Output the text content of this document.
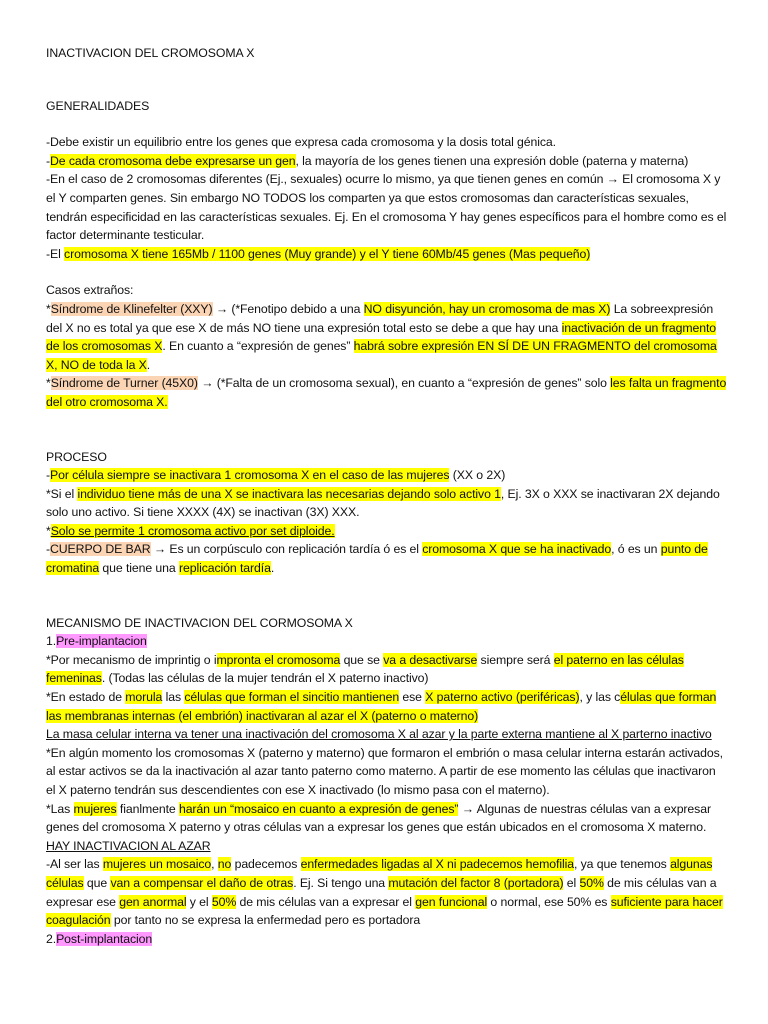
INACTIVACION DEL CROMOSOMA X

GENERALIDADES

-Debe existir un equilibrio entre los genes que expresa cada cromosoma y la dosis total génica.

-De cada cromosoma debe expresarse un gen, la mayoría de los genes tienen una expresión doble (paterna y materna)

-En el caso de 2 cromosomas diferentes (Ej., sexuales) ocurre lo mismo, ya que tienen genes en común → El cromosoma X y el Y comparten genes. Sin embargo NO TODOS los comparten ya que estos cromosomas dan características sexuales, tendrán especificidad en las características sexuales. Ej. En el cromosoma Y hay genes específicos para el hombre como es el factor determinante testicular.

-El cromosoma X tiene 165Mb / 1100 genes (Muy grande) y el Y tiene 60Mb/45 genes (Mas pequeño)

Casos extraños:

*Síndrome de Klinefelter (XXY) → (*Fenotipo debido a una NO disyunción, hay un cromosoma de mas X) La sobreexpresión del X no es total ya que ese X de más NO tiene una expresión total esto se debe a que hay una inactivación de un fragmento de los cromosomas X. En cuanto a “expresión de genes” habrá sobre expresión EN SÍ DE UN FRAGMENTO del cromosoma X, NO de toda la X.

*Síndrome de Turner (45X0) → (*Falta de un cromosoma sexual), en cuanto a “expresión de genes” solo les falta un fragmento del otro cromosoma X.

PROCESO

-Por célula siempre se inactivara 1 cromosoma X en el caso de las mujeres (XX o 2X)

*Si el individuo tiene más de una X se inactivara las necesarias dejando solo activo 1, Ej. 3X o XXX se inactivaran 2X dejando solo uno activo. Si tiene XXXX (4X) se inactivan (3X) XXX.

*Solo se permite 1 cromosoma activo por set diploide.

-CUERPO DE BAR → Es un corpúsculo con replicación tardía ó es el cromosoma X que se ha inactivado, ó es un punto de cromatina que tiene una replicación tardía.

MECANISMO DE INACTIVACION DEL CORMOSOMA X

1.Pre-implantacion

*Por mecanismo de imprintig o impronta el cromosoma que se va a desactivarse siempre será el paterno en las células femeninas. (Todas las células de la mujer tendrán el X paterno inactivo)

*En estado de morula las células que forman el sincitio mantienen ese X paterno activo (periféricas), y las células que forman las membranas internas (el embrión) inactivaran al azar el X (paterno o materno)

La masa celular interna va tener una inactivación del cromosoma X al azar y la parte externa mantiene al X parterno inactivo

*En algún momento los cromosomas X (paterno y materno) que formaron el embrión o masa celular interna estarán activados, al estar activos se da la inactivación al azar tanto paterno como materno. A partir de ese momento las células que inactivaron el X paterno tendrán sus descendientes con ese X inactivado (lo mismo pasa con el materno).

*Las mujeres fianlmente harán un “mosaico en cuanto a expresión de genes” → Algunas de nuestras células van a expresar genes del cromosoma X paterno y otras células van a expresar los genes que están ubicados en el cromosoma X materno.

HAY INACTIVACION AL AZAR

-Al ser las mujeres un mosaico, no padecemos enfermedades ligadas al X ni padecemos hemofilia, ya que tenemos algunas células que van a compensar el daño de otras. Ej. Si tengo una mutación del factor 8 (portadora) el 50% de mis células van a expresar ese gen anormal y el 50% de mis células van a expresar el gen funcional o normal, ese 50% es suficiente para hacer coagulación por tanto no se expresa la enfermedad pero es portadora

2.Post-implantacion
